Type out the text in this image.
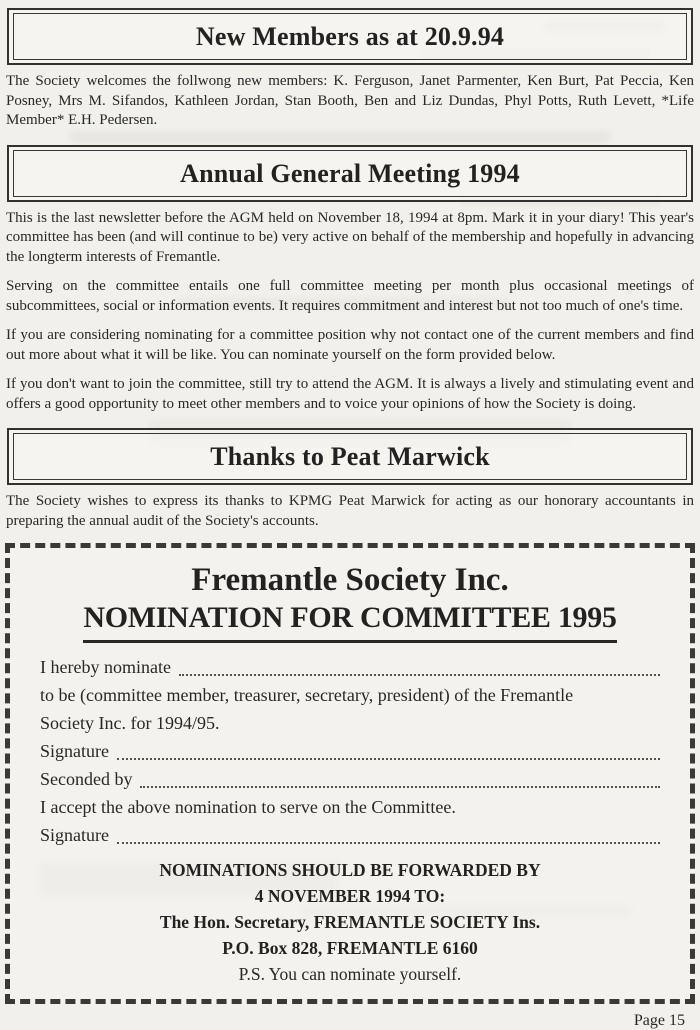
New Members as at 20.9.94

The Society welcomes the follwong new members: K. Ferguson, Janet Parmenter, Ken Burt, Pat Peccia, Ken Posney, Mrs M. Sifandos, Kathleen Jordan, Stan Booth, Ben and Liz Dundas, Phyl Potts, Ruth Levett, *Life Member* E.H. Pedersen.

Annual General Meeting 1994

This is the last newsletter before the AGM held on November 18, 1994 at 8pm. Mark it in your diary! This year's committee has been (and will continue to be) very active on behalf of the membership and hopefully in advancing the longterm interests of Fremantle.

Serving on the committee entails one full committee meeting per month plus occasional meetings of subcommittees, social or information events. It requires commitment and interest but not too much of one's time.

If you are considering nominating for a committee position why not contact one of the current members and find out more about what it will be like. You can nominate yourself on the form provided below.

If you don't want to join the committee, still try to attend the AGM. It is always a lively and stimulating event and offers a good opportunity to meet other members and to voice your opinions of how the Society is doing.

Thanks to Peat Marwick

The Society wishes to express its thanks to KPMG Peat Marwick for acting as our honorary accountants in preparing the annual audit of the Society's accounts.

Fremantle Society Inc.
NOMINATION FOR COMMITTEE 1995
I hereby nominate
to be (committee member, treasurer, secretary, president) of the Fremantle
Society Inc. for 1994/95.
Signature
Seconded by
I accept the above nomination to serve on the Committee.
Signature
NOMINATIONS SHOULD BE FORWARDED BY
4 NOVEMBER 1994 TO:
The Hon. Secretary, FREMANTLE SOCIETY Ins.
P.O. Box 828, FREMANTLE 6160
P.S. You can nominate yourself.
Page 15
